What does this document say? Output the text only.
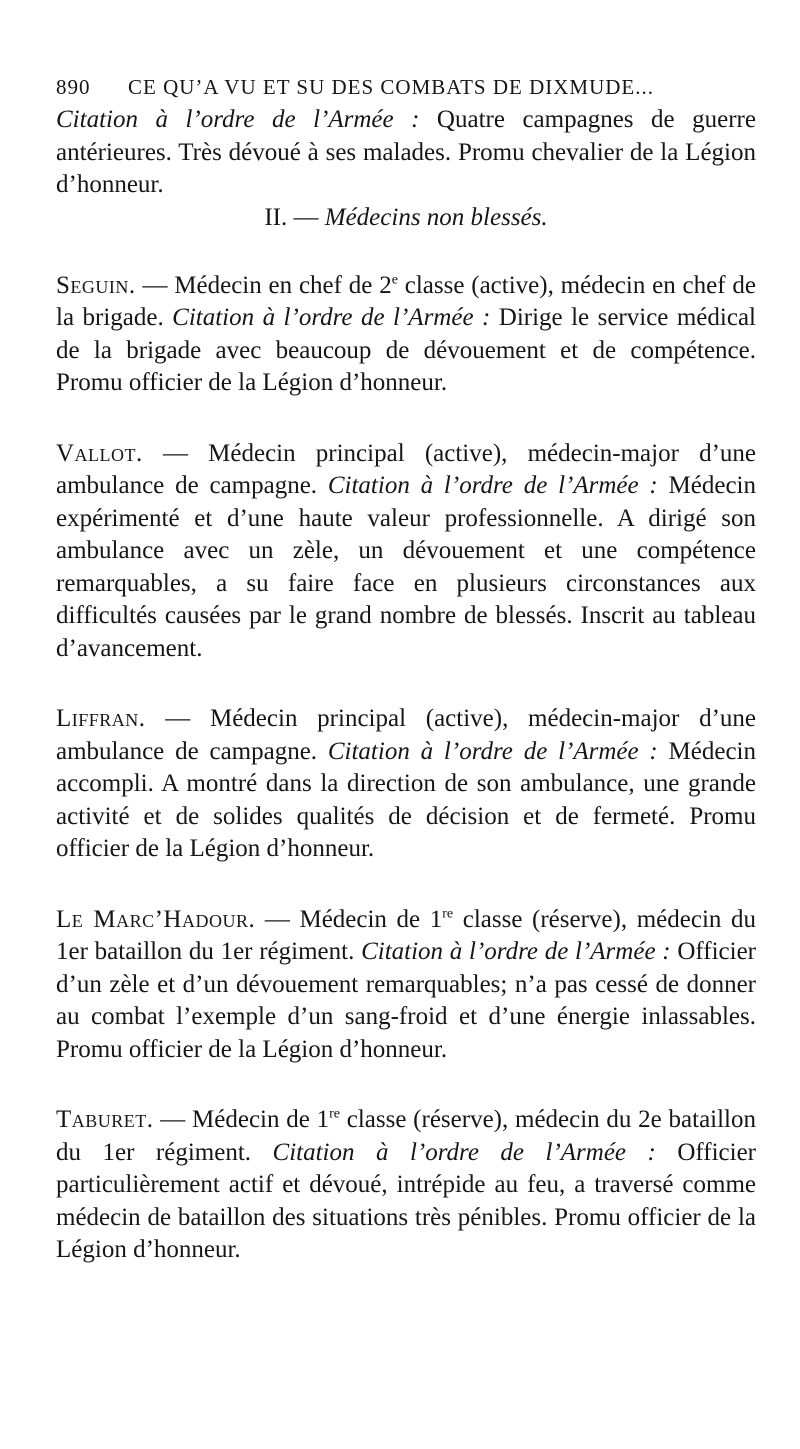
890 CE QU’A VU ET SU DES COMBATS DE DIXMUDE...

Citation à l’ordre de l’Armée : Quatre campagnes de guerre antérieures. Très dévoué à ses malades. Promu chevalier de la Légion d’honneur.

II. — Médecins non blessés.

Seguin. — Médecin en chef de 2e classe (active), médecin en chef de la brigade. Citation à l’ordre de l’Armée : Dirige le service médical de la brigade avec beaucoup de dévouement et de compétence. Promu officier de la Légion d’honneur.

Vallot. — Médecin principal (active), médecin-major d’une ambulance de campagne. Citation à l’ordre de l’Armée : Médecin expérimenté et d’une haute valeur professionnelle. A dirigé son ambulance avec un zèle, un dévouement et une compétence remarquables, a su faire face en plusieurs circonstances aux difficultés causées par le grand nombre de blessés. Inscrit au tableau d’avancement.

Liffran. — Médecin principal (active), médecin-major d’une ambulance de campagne. Citation à l’ordre de l’Armée : Médecin accompli. A montré dans la direction de son ambulance, une grande activité et de solides qualités de décision et de fermeté. Promu officier de la Légion d’honneur.

Le Marc’Hadour. — Médecin de 1re classe (réserve), médecin du 1er bataillon du 1er régiment. Citation à l’ordre de l’Armée : Officier d’un zèle et d’un dévouement remarquables; n’a pas cessé de donner au combat l’exemple d’un sang-froid et d’une énergie inlassables. Promu officier de la Légion d’honneur.

Taburet. — Médecin de 1re classe (réserve), médecin du 2e bataillon du 1er régiment. Citation à l’ordre de l’Armée : Officier particulièrement actif et dévoué, intrépide au feu, a traversé comme médecin de bataillon des situations très pénibles. Promu officier de la Légion d’honneur.
